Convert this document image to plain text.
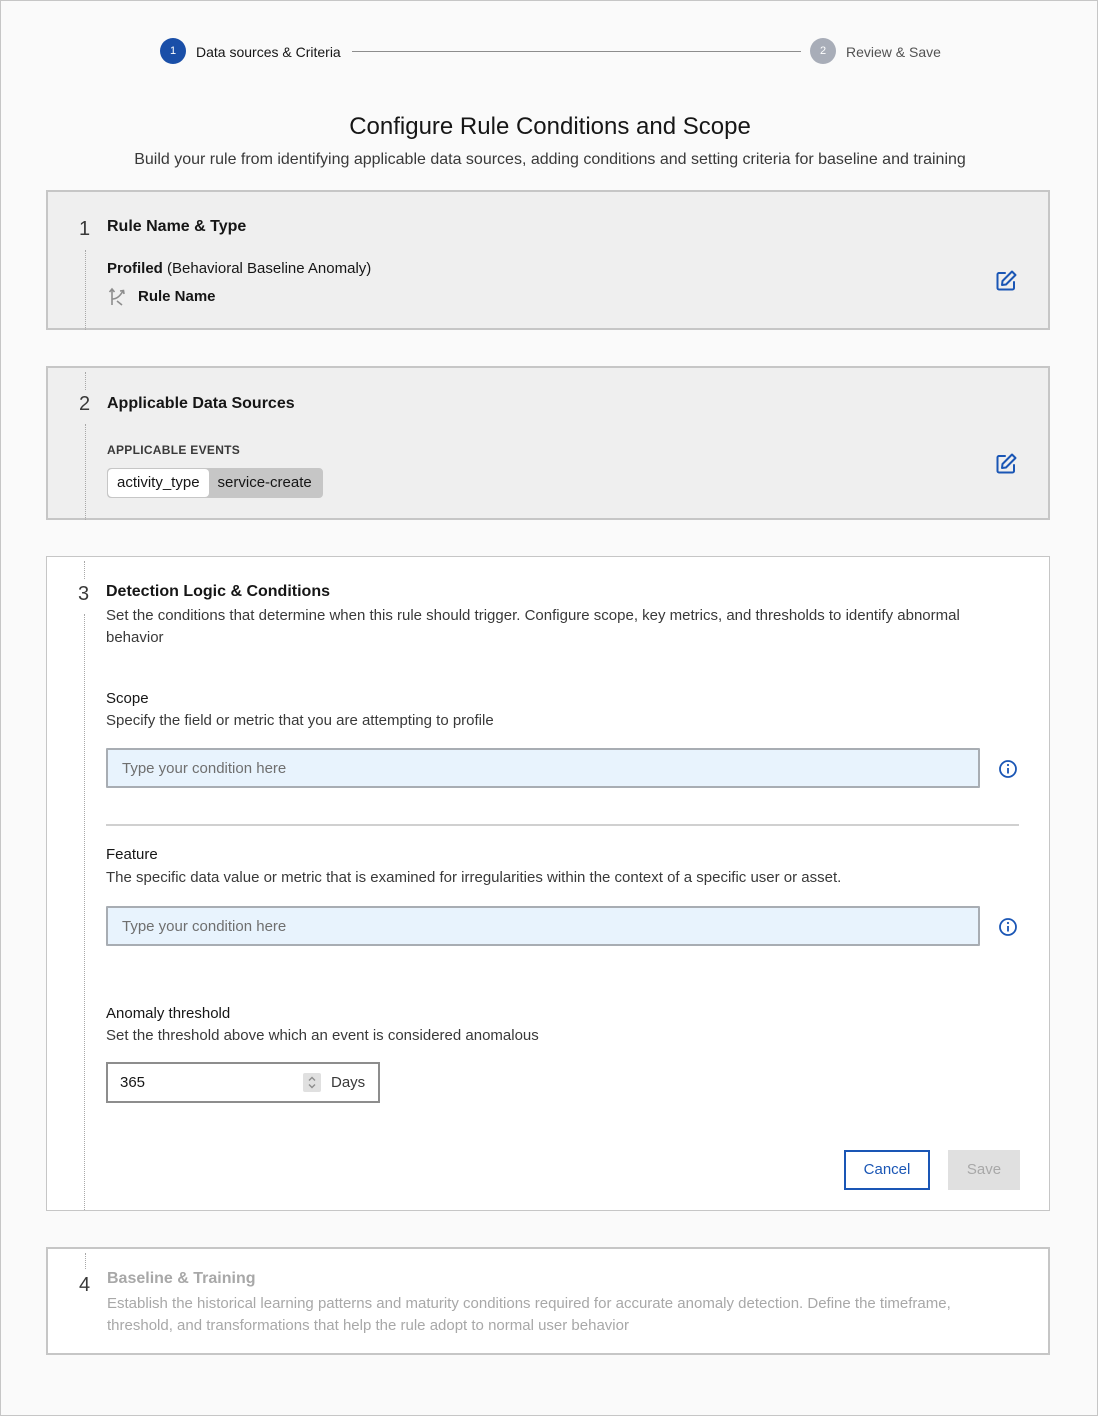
1	Data sources & Criteria	2	Review & Save
Configure Rule Conditions and Scope
Build your rule from identifying applicable data sources, adding conditions and setting criteria for baseline and training
1 Rule Name & Type
Profiled (Behavioral Baseline Anomaly)
Rule Name
2 Applicable Data Sources
APPLICABLE EVENTS
activity_type	service-create
3 Detection Logic & Conditions
Set the conditions that determine when this rule should trigger. Configure scope, key metrics, and thresholds to identify abnormal behavior
Scope
Specify the field or metric that you are attempting to profile
Type your condition here
Feature
The specific data value or metric that is examined for irregularities within the context of a specific user or asset.
Type your condition here
Anomaly threshold
Set the threshold above which an event is considered anomalous
365
Days
Cancel	Save
4 Baseline & Training
Establish the historical learning patterns and maturity conditions required for accurate anomaly detection. Define the timeframe, threshold, and transformations that help the rule adopt to normal user behavior
